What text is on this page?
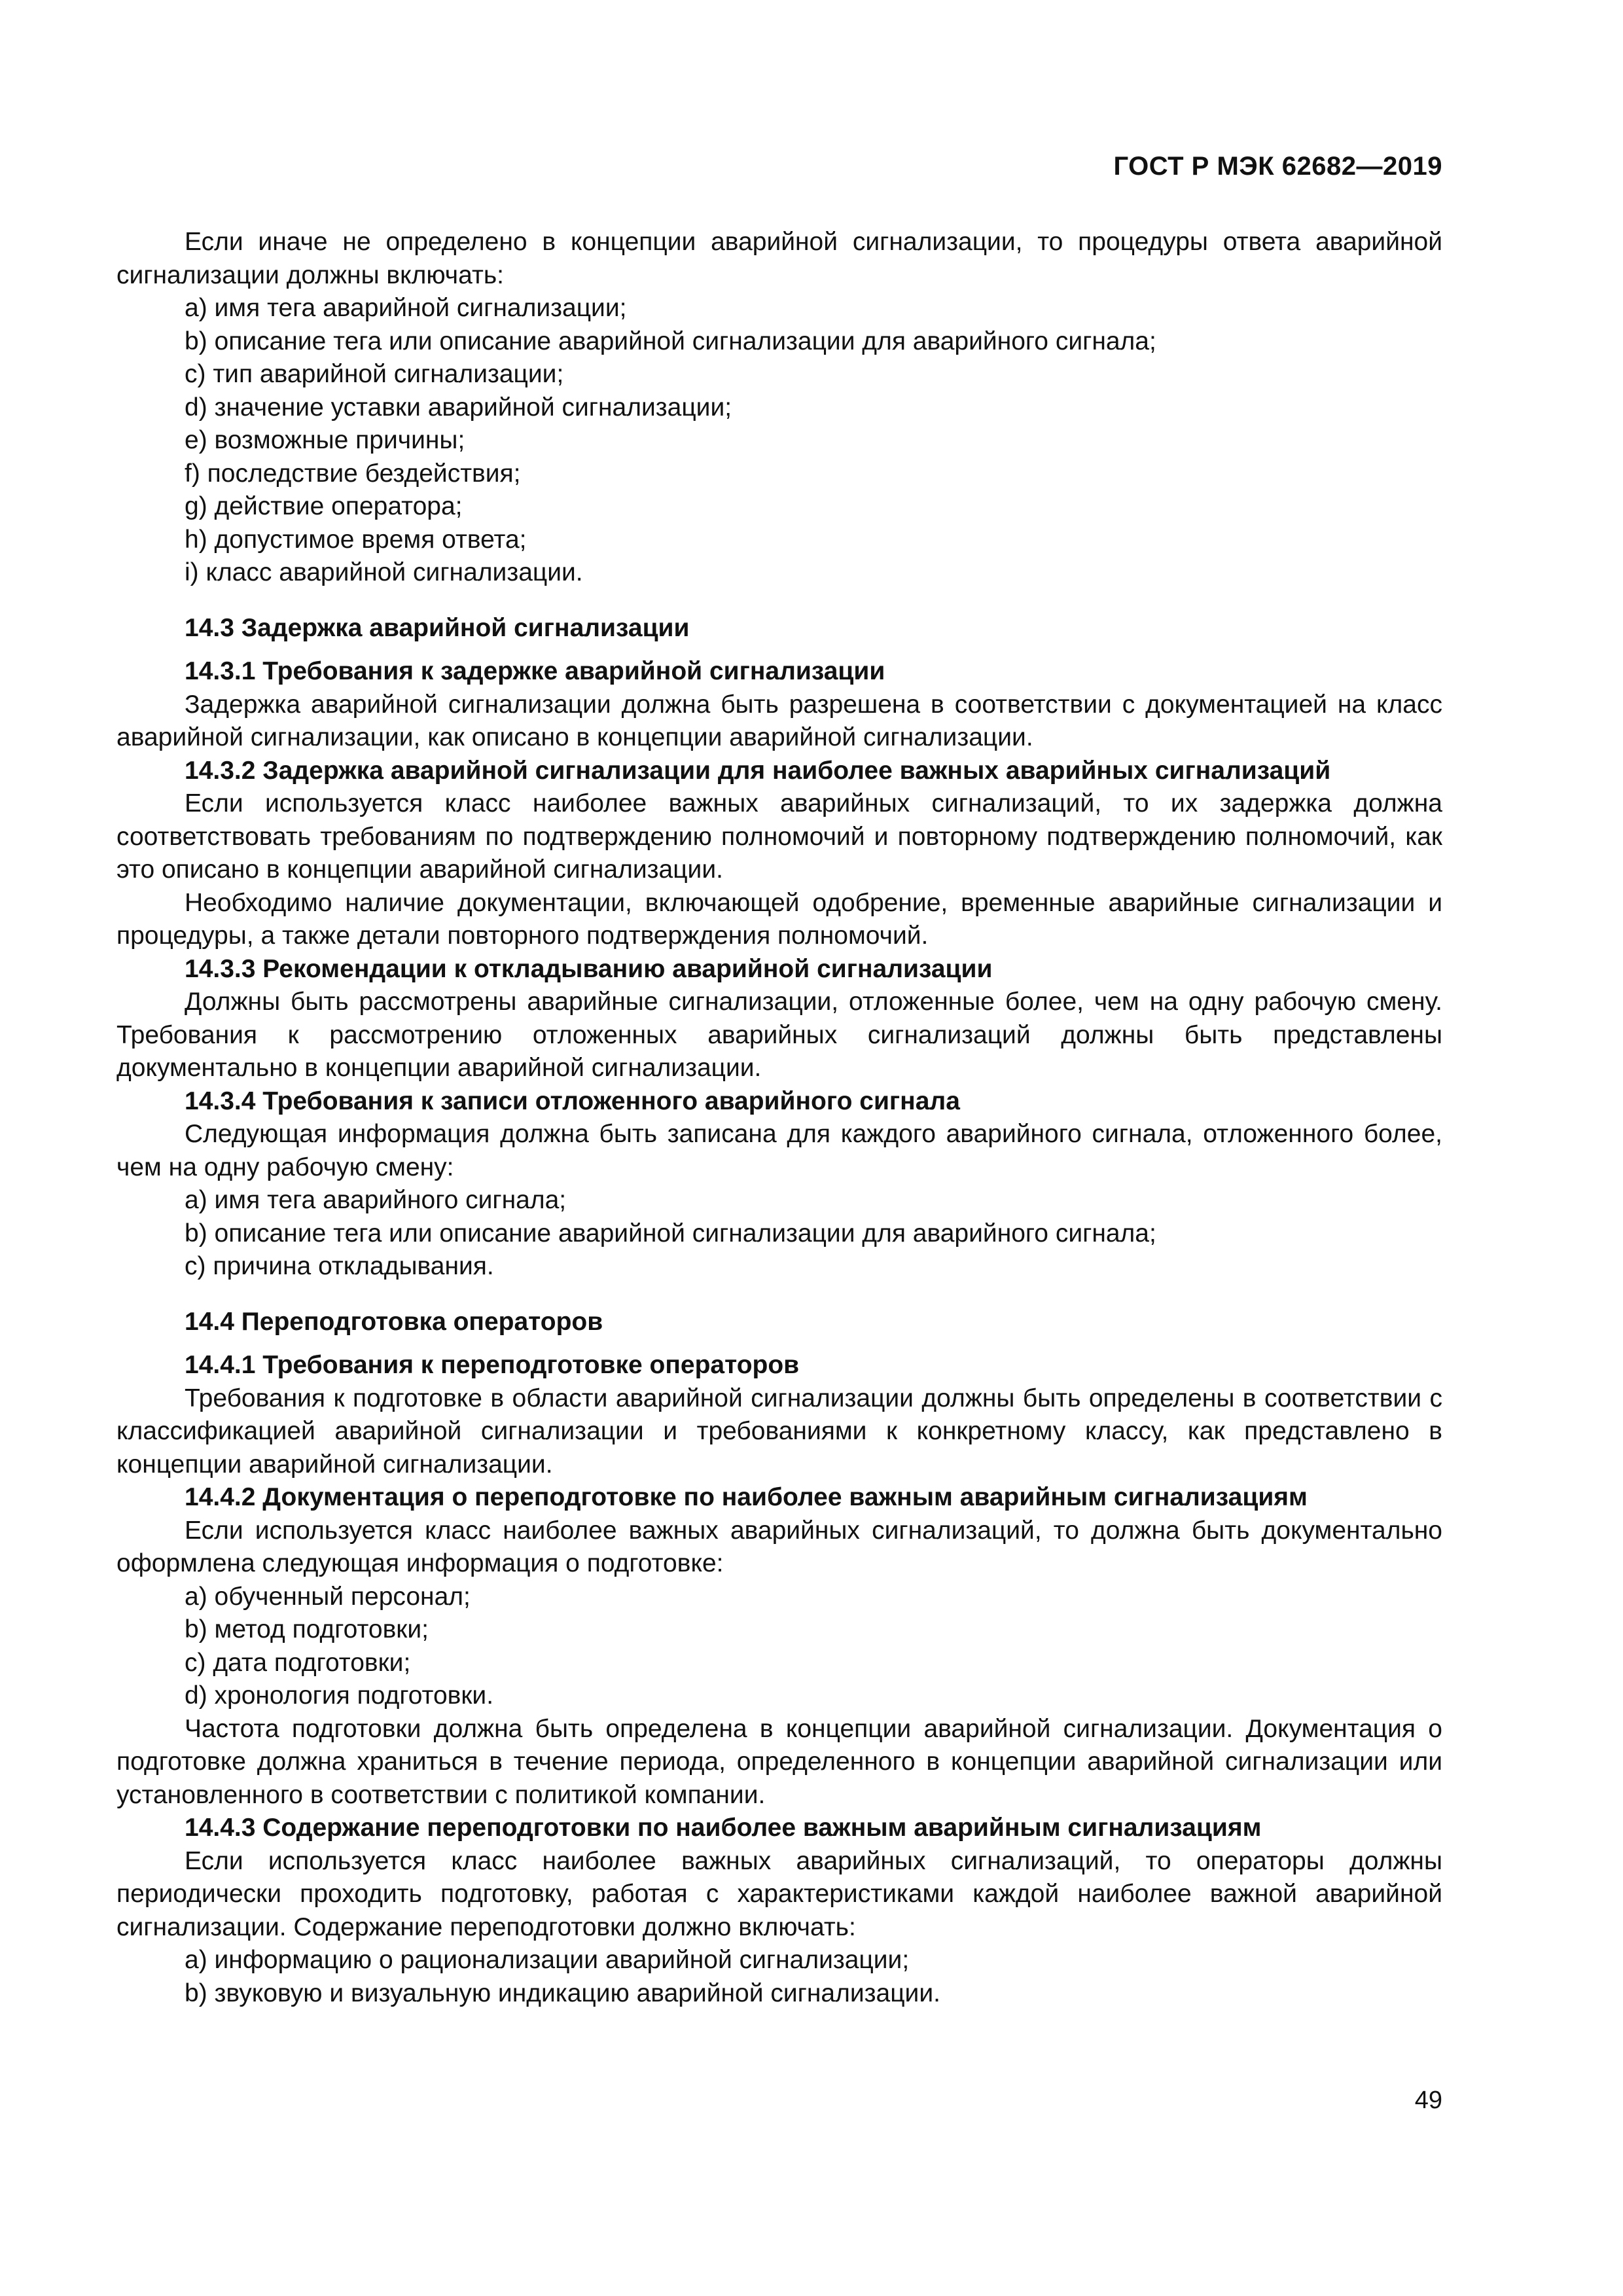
ГОСТ Р МЭК 62682—2019
Если иначе не определено в концепции аварийной сигнализации, то процедуры ответа аварийной сигнализации должны включать:
a) имя тега аварийной сигнализации;
b) описание тега или описание аварийной сигнализации для аварийного сигнала;
c) тип аварийной сигнализации;
d) значение уставки аварийной сигнализации;
e) возможные причины;
f) последствие бездействия;
g) действие оператора;
h) допустимое время ответа;
i) класс аварийной сигнализации.
14.3 Задержка аварийной сигнализации
14.3.1 Требования к задержке аварийной сигнализации
Задержка аварийной сигнализации должна быть разрешена в соответствии с документацией на класс аварийной сигнализации, как описано в концепции аварийной сигнализации.
14.3.2 Задержка аварийной сигнализации для наиболее важных аварийных сигнализаций
Если используется класс наиболее важных аварийных сигнализаций, то их задержка должна соответствовать требованиям по подтверждению полномочий и повторному подтверждению полномочий, как это описано в концепции аварийной сигнализации.
Необходимо наличие документации, включающей одобрение, временные аварийные сигнализации и процедуры, а также детали повторного подтверждения полномочий.
14.3.3 Рекомендации к откладыванию аварийной сигнализации
Должны быть рассмотрены аварийные сигнализации, отложенные более, чем на одну рабочую смену. Требования к рассмотрению отложенных аварийных сигнализаций должны быть представлены документально в концепции аварийной сигнализации.
14.3.4 Требования к записи отложенного аварийного сигнала
Следующая информация должна быть записана для каждого аварийного сигнала, отложенного более, чем на одну рабочую смену:
a) имя тега аварийного сигнала;
b) описание тега или описание аварийной сигнализации для аварийного сигнала;
c) причина откладывания.
14.4 Переподготовка операторов
14.4.1 Требования к переподготовке операторов
Требования к подготовке в области аварийной сигнализации должны быть определены в соответствии с классификацией аварийной сигнализации и требованиями к конкретному классу, как представлено в концепции аварийной сигнализации.
14.4.2 Документация о переподготовке по наиболее важным аварийным сигнализациям
Если используется класс наиболее важных аварийных сигнализаций, то должна быть документально оформлена следующая информация о подготовке:
a) обученный персонал;
b) метод подготовки;
c) дата подготовки;
d) хронология подготовки.
Частота подготовки должна быть определена в концепции аварийной сигнализации. Документация о подготовке должна храниться в течение периода, определенного в концепции аварийной сигнализации или установленного в соответствии с политикой компании.
14.4.3 Содержание переподготовки по наиболее важным аварийным сигнализациям
Если используется класс наиболее важных аварийных сигнализаций, то операторы должны периодически проходить подготовку, работая с характеристиками каждой наиболее важной аварийной сигнализации. Содержание переподготовки должно включать:
a) информацию о рационализации аварийной сигнализации;
b) звуковую и визуальную индикацию аварийной сигнализации.
49
